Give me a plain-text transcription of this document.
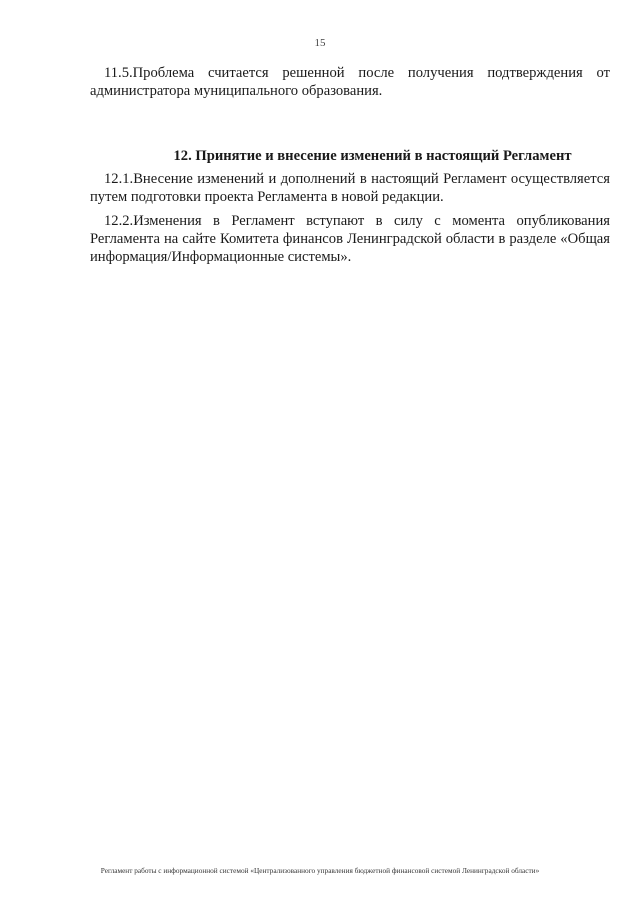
15
11.5.Проблема считается решенной после получения подтверждения от
администратора муниципального образования.
12. Принятие и внесение изменений в настоящий Регламент
12.1.Внесение изменений и дополнений в настоящий Регламент осуществляется
путем подготовки проекта Регламента в новой редакции.
12.2.Изменения в Регламент вступают в силу с момента опубликования
Регламента на сайте Комитета финансов Ленинградской области в разделе «Общая
информация/Информационные системы».
Регламент работы с информационной системой «Централизованного управления бюджетной финансовой системой Ленинградской области»
